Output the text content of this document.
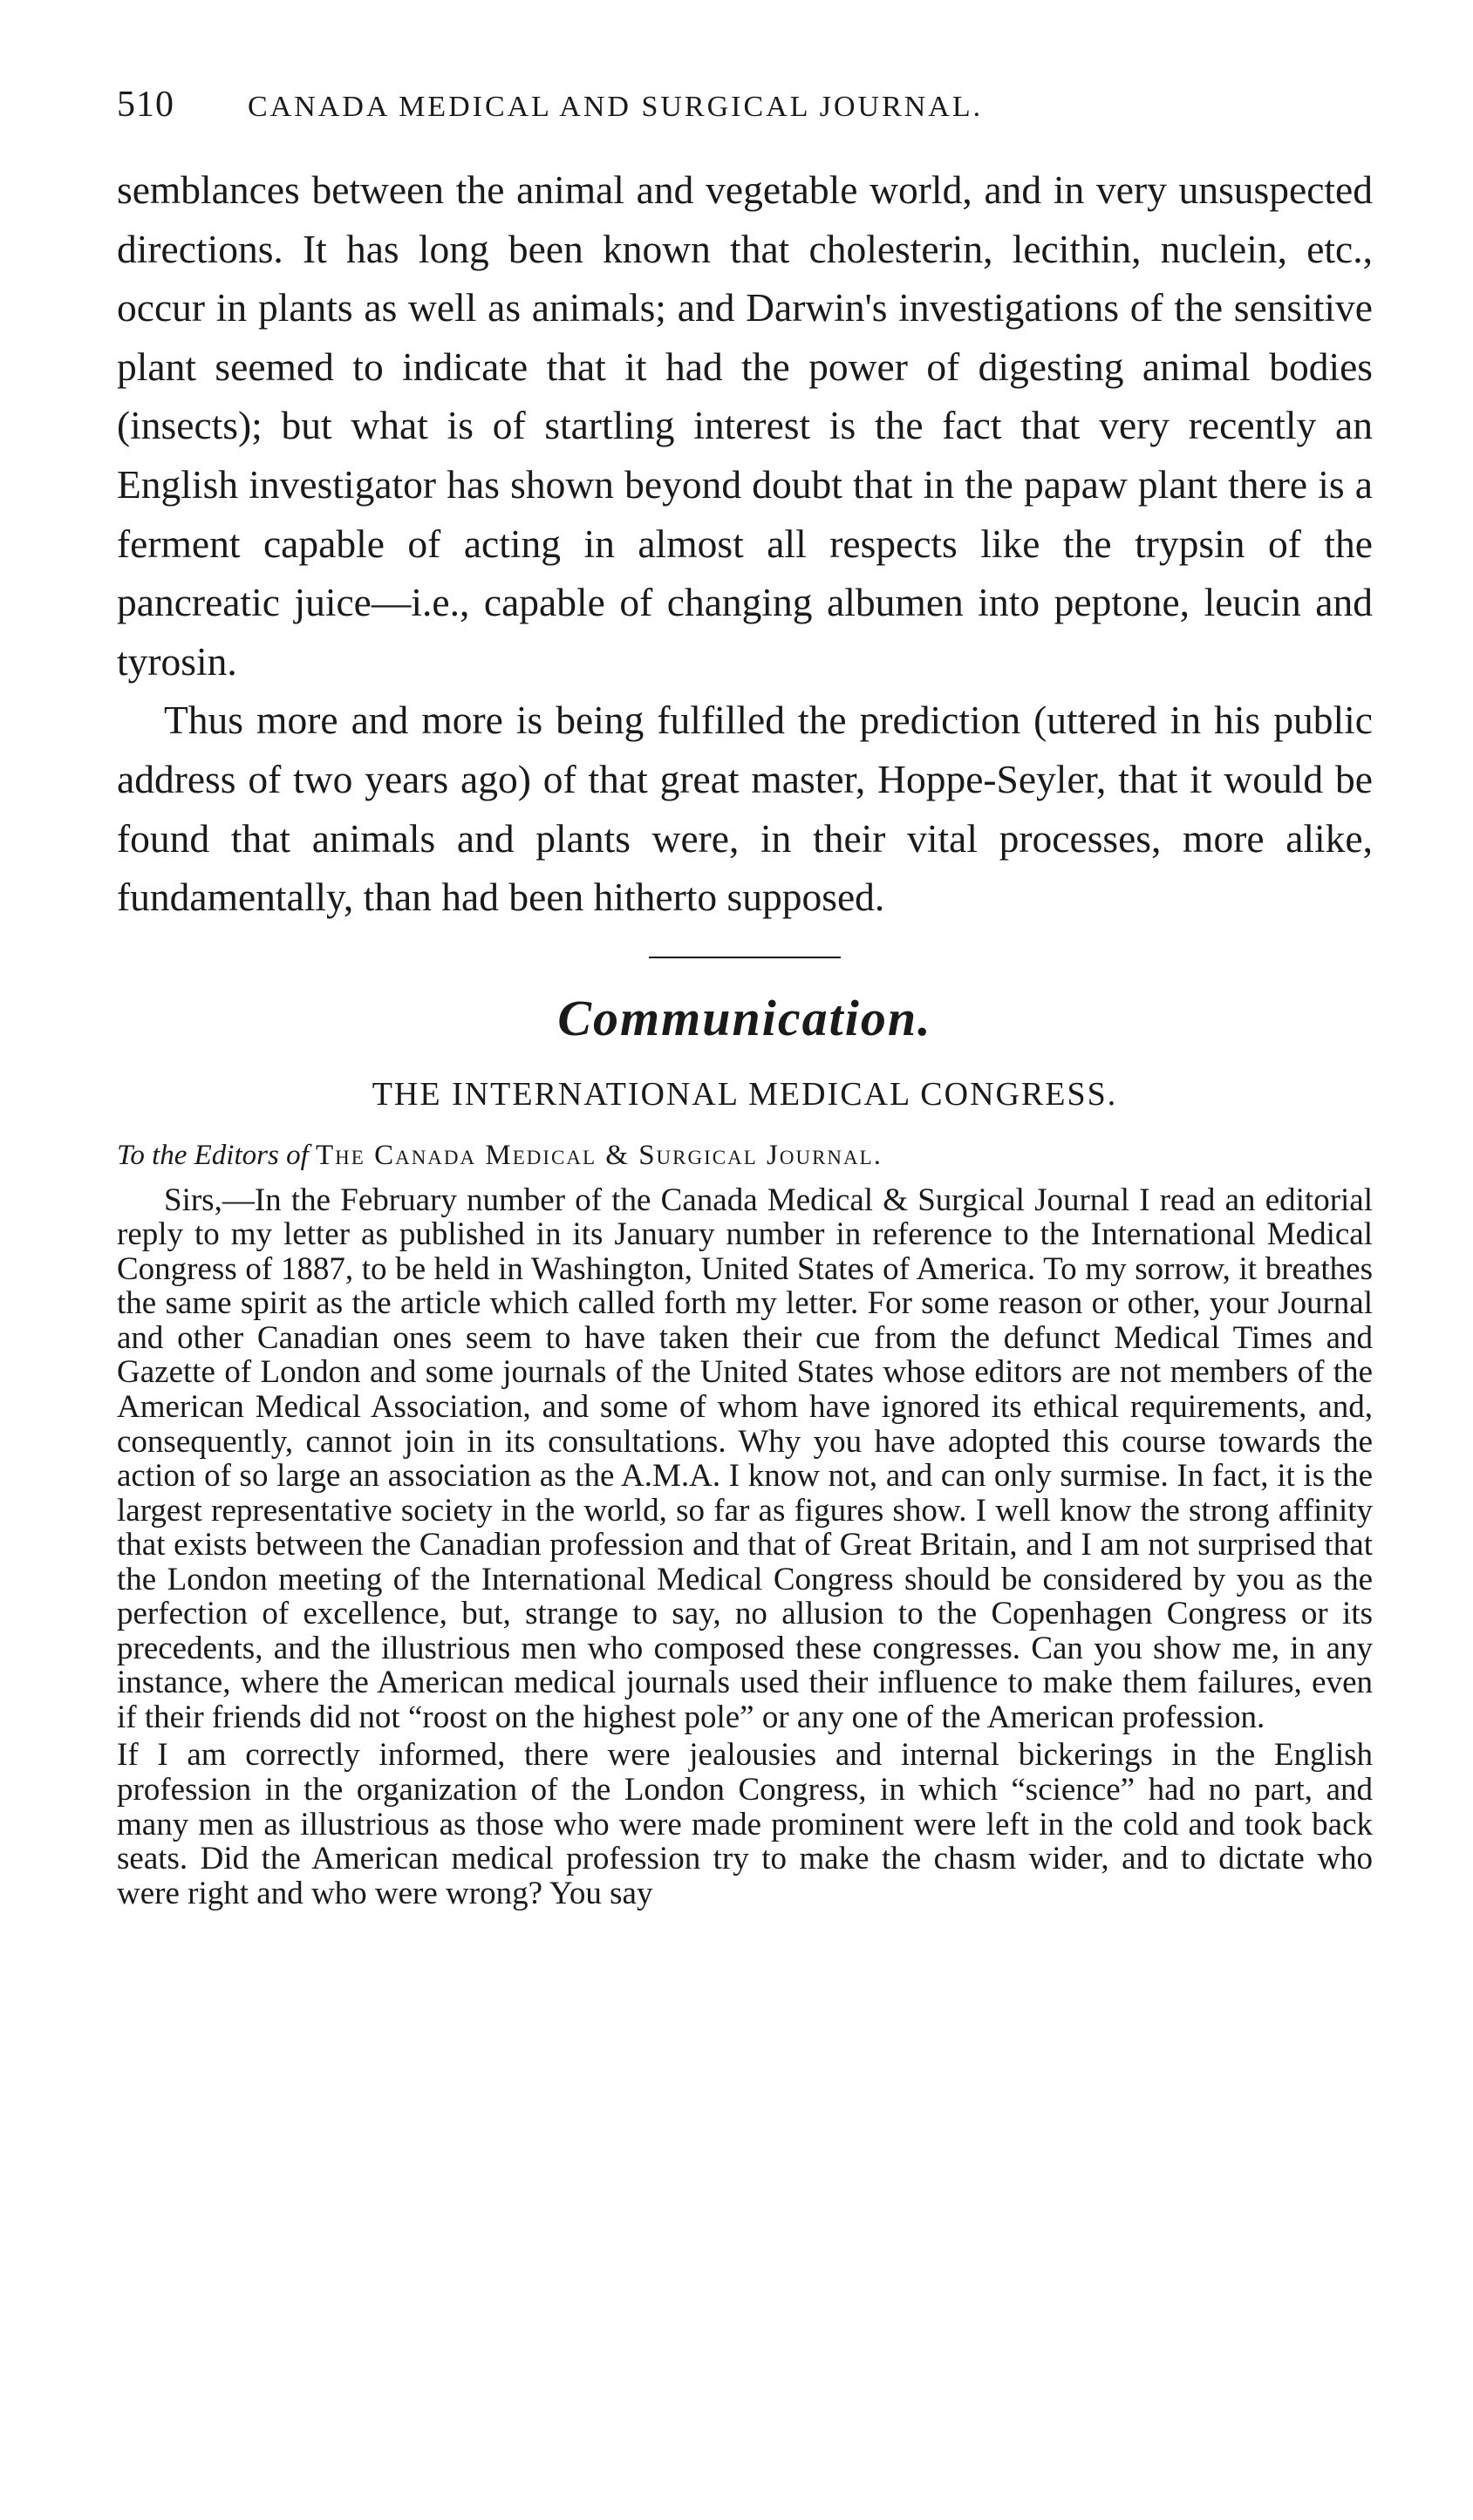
510	CANADA MEDICAL AND SURGICAL JOURNAL.

semblances between the animal and vegetable world, and in very unsuspected directions. It has long been known that cholesterin, lecithin, nuclein, etc., occur in plants as well as animals; and Darwin's investigations of the sensitive plant seemed to indicate that it had the power of digesting animal bodies (insects); but what is of startling interest is the fact that very recently an English investigator has shown beyond doubt that in the papaw plant there is a ferment capable of acting in almost all respects like the trypsin of the pancreatic juice—i.e., capable of changing albumen into peptone, leucin and tyrosin.

Thus more and more is being fulfilled the prediction (uttered in his public address of two years ago) of that great master, Hoppe-Seyler, that it would be found that animals and plants were, in their vital processes, more alike, fundamentally, than had been hitherto supposed.

Communication.
THE INTERNATIONAL MEDICAL CONGRESS.
To the Editors of The Canada Medical & Surgical Journal.

Sirs,—In the February number of the Canada Medical & Surgical Journal I read an editorial reply to my letter as published in its January number in reference to the International Medical Congress of 1887, to be held in Washington, United States of America. To my sorrow, it breathes the same spirit as the article which called forth my letter. For some reason or other, your Journal and other Canadian ones seem to have taken their cue from the defunct Medical Times and Gazette of London and some journals of the United States whose editors are not members of the American Medical Association, and some of whom have ignored its ethical requirements, and, consequently, cannot join in its consultations. Why you have adopted this course towards the action of so large an association as the A.M.A. I know not, and can only surmise. In fact, it is the largest representative society in the world, so far as figures show. I well know the strong affinity that exists between the Canadian profession and that of Great Britain, and I am not surprised that the London meeting of the International Medical Congress should be considered by you as the perfection of excellence, but, strange to say, no allusion to the Copenhagen Congress or its precedents, and the illustrious men who composed these congresses. Can you show me, in any instance, where the American medical journals used their influence to make them failures, even if their friends did not “roost on the highest pole” or any one of the American profession.

If I am correctly informed, there were jealousies and internal bickerings in the English profession in the organization of the London Congress, in which “science” had no part, and many men as illustrious as those who were made prominent were left in the cold and took back seats. Did the American medical profession try to make the chasm wider, and to dictate who were right and who were wrong? You say
